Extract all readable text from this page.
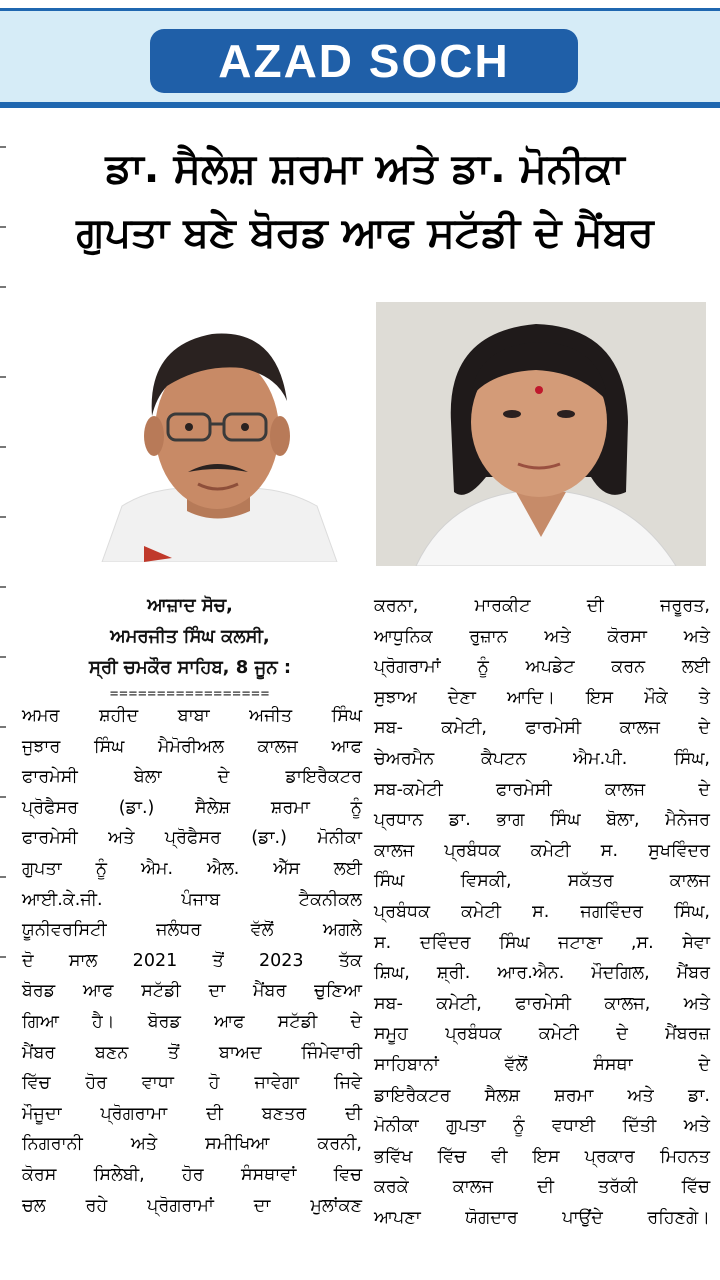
AZAD SOCH
ਡਾ. ਸੈਲੇਸ਼ ਸ਼ਰਮਾ ਅਤੇ ਡਾ. ਮੋਨੀਕਾ
ਗੁਪਤਾ ਬਣੇ ਬੋਰਡ ਆਫ ਸਟੱਡੀ ਦੇ ਮੈਂਬਰ
ਆਜ਼ਾਦ ਸੋਚ,
ਅਮਰਜੀਤ ਸਿੰਘ ਕਲਸੀ,
ਸ੍ਰੀ ਚਮਕੌਰ ਸਾਹਿਬ, 8 ਜੂਨ :
=================
ਅਮਰ ਸ਼ਹੀਦ ਬਾਬਾ ਅਜੀਤ ਸਿੰਘ
ਜੁਝਾਰ ਸਿੰਘ ਮੈਮੋਰੀਅਲ ਕਾਲਜ ਆਫ
ਫਾਰਮੇਸੀ ਬੇਲਾ ਦੇ ਡਾਇਰੈਕਟਰ
ਪ੍ਰੋਫੈਸਰ (ਡਾ.) ਸੈਲੇਸ਼ ਸ਼ਰਮਾ ਨੂੰ
ਫਾਰਮੇਸੀ ਅਤੇ ਪ੍ਰੋਫੈਸਰ (ਡਾ.) ਮੋਨੀਕਾ
ਗੁਪਤਾ ਨੂੰ ਐਮ. ਐਲ. ਐੱਸ ਲਈ
ਆਈ.ਕੇ.ਜੀ. ਪੰਜਾਬ ਟੈਕਨੀਕਲ
ਯੂਨੀਵਰਸਿਟੀ ਜਲੰਧਰ ਵੱਲੋਂ ਅਗਲੇ
ਦੋ ਸਾਲ 2021 ਤੋਂ 2023 ਤੱਕ
ਬੋਰਡ ਆਫ ਸਟੱਡੀ ਦਾ ਮੈਂਬਰ ਚੁਣਿਆ
ਗਿਆ ਹੈ। ਬੋਰਡ ਆਫ ਸਟੱਡੀ ਦੇ
ਮੈਂਬਰ ਬਣਨ ਤੋਂ ਬਾਅਦ ਜਿੰਮੇਵਾਰੀ
ਵਿੱਚ ਹੋਰ ਵਾਧਾ ਹੋ ਜਾਵੇਗਾ ਜਿਵੇ
ਮੌਜੂਦਾ ਪ੍ਰੋਗਰਾਮਾ ਦੀ ਬਣਤਰ ਦੀ
ਨਿਗਰਾਨੀ ਅਤੇ ਸਮੀਖਿਆ ਕਰਨੀ,
ਕੋਰਸ ਸਿਲੇਬੀ, ਹੋਰ ਸੰਸਥਾਵਾਂ ਵਿਚ
ਚਲ ਰਹੇ ਪ੍ਰੋਗਰਾਮਾਂ ਦਾ ਮੁਲਾਂਕਣ
ਕਰਨਾ, ਮਾਰਕੀਟ ਦੀ ਜਰੂਰਤ,
ਆਧੁਨਿਕ ਰੁਜ਼ਾਨ ਅਤੇ ਕੋਰਸਾ ਅਤੇ
ਪ੍ਰੋਗਰਾਮਾਂ ਨੂੰ ਅਪਡੇਟ ਕਰਨ ਲਈ
ਸੁਝਾਅ ਦੇਣਾ ਆਦਿ। ਇਸ ਮੌਕੇ ਤੇ
ਸਬ- ਕਮੇਟੀ, ਫਾਰਮੇਸੀ ਕਾਲਜ ਦੇ
ਚੇਅਰਮੈਨ ਕੈਪਟਨ ਐਮ.ਪੀ. ਸਿੰਘ,
ਸਬ-ਕਮੇਟੀ ਫਾਰਮੇਸੀ ਕਾਲਜ ਦੇ
ਪ੍ਰਧਾਨ ਡਾ. ਭਾਗ ਸਿੰਘ ਬੋਲਾ, ਮੈਨੇਜਰ
ਕਾਲਜ ਪ੍ਰਬੰਧਕ ਕਮੇਟੀ ਸ. ਸੁਖਵਿੰਦਰ
ਸਿੰਘ ਵਿਸਕੀ, ਸਕੱਤਰ ਕਾਲਜ
ਪ੍ਰਬੰਧਕ ਕਮੇਟੀ ਸ. ਜਗਵਿੰਦਰ ਸਿੰਘ,
ਸ. ਦਵਿੰਦਰ ਸਿੰਘ ਜਟਾਣਾ ,ਸ. ਸੇਵਾ
ਸ਼ਿਘ, ਸ਼੍ਰੀ. ਆਰ.ਐਨ. ਮੌਦਗਿਲ, ਮੈਂਬਰ
ਸਬ- ਕਮੇਟੀ, ਫਾਰਮੇਸੀ ਕਾਲਜ, ਅਤੇ
ਸਮੂਹ ਪ੍ਰਬੰਧਕ ਕਮੇਟੀ ਦੇ ਮੈਂਬਰਜ਼
ਸਾਹਿਬਾਨਾਂ ਵੱਲੋਂ ਸੰਸਥਾ ਦੇ
ਡਾਇਰੈਕਟਰ ਸੈਲਸ਼ ਸ਼ਰਮਾ ਅਤੇ ਡਾ.
ਮੋਨੀਕਾ ਗੁਪਤਾ ਨੂੰ ਵਧਾਈ ਦਿੱਤੀ ਅਤੇ
ਭਵਿੱਖ ਵਿੱਚ ਵੀ ਇਸ ਪ੍ਰਕਾਰ ਮਿਹਨਤ
ਕਰਕੇ ਕਾਲਜ ਦੀ ਤਰੱਕੀ ਵਿੱਚ
ਆਪਣਾ ਯੋਗਦਾਰ ਪਾਉਂਦੇ ਰਹਿਣਗੇ।
